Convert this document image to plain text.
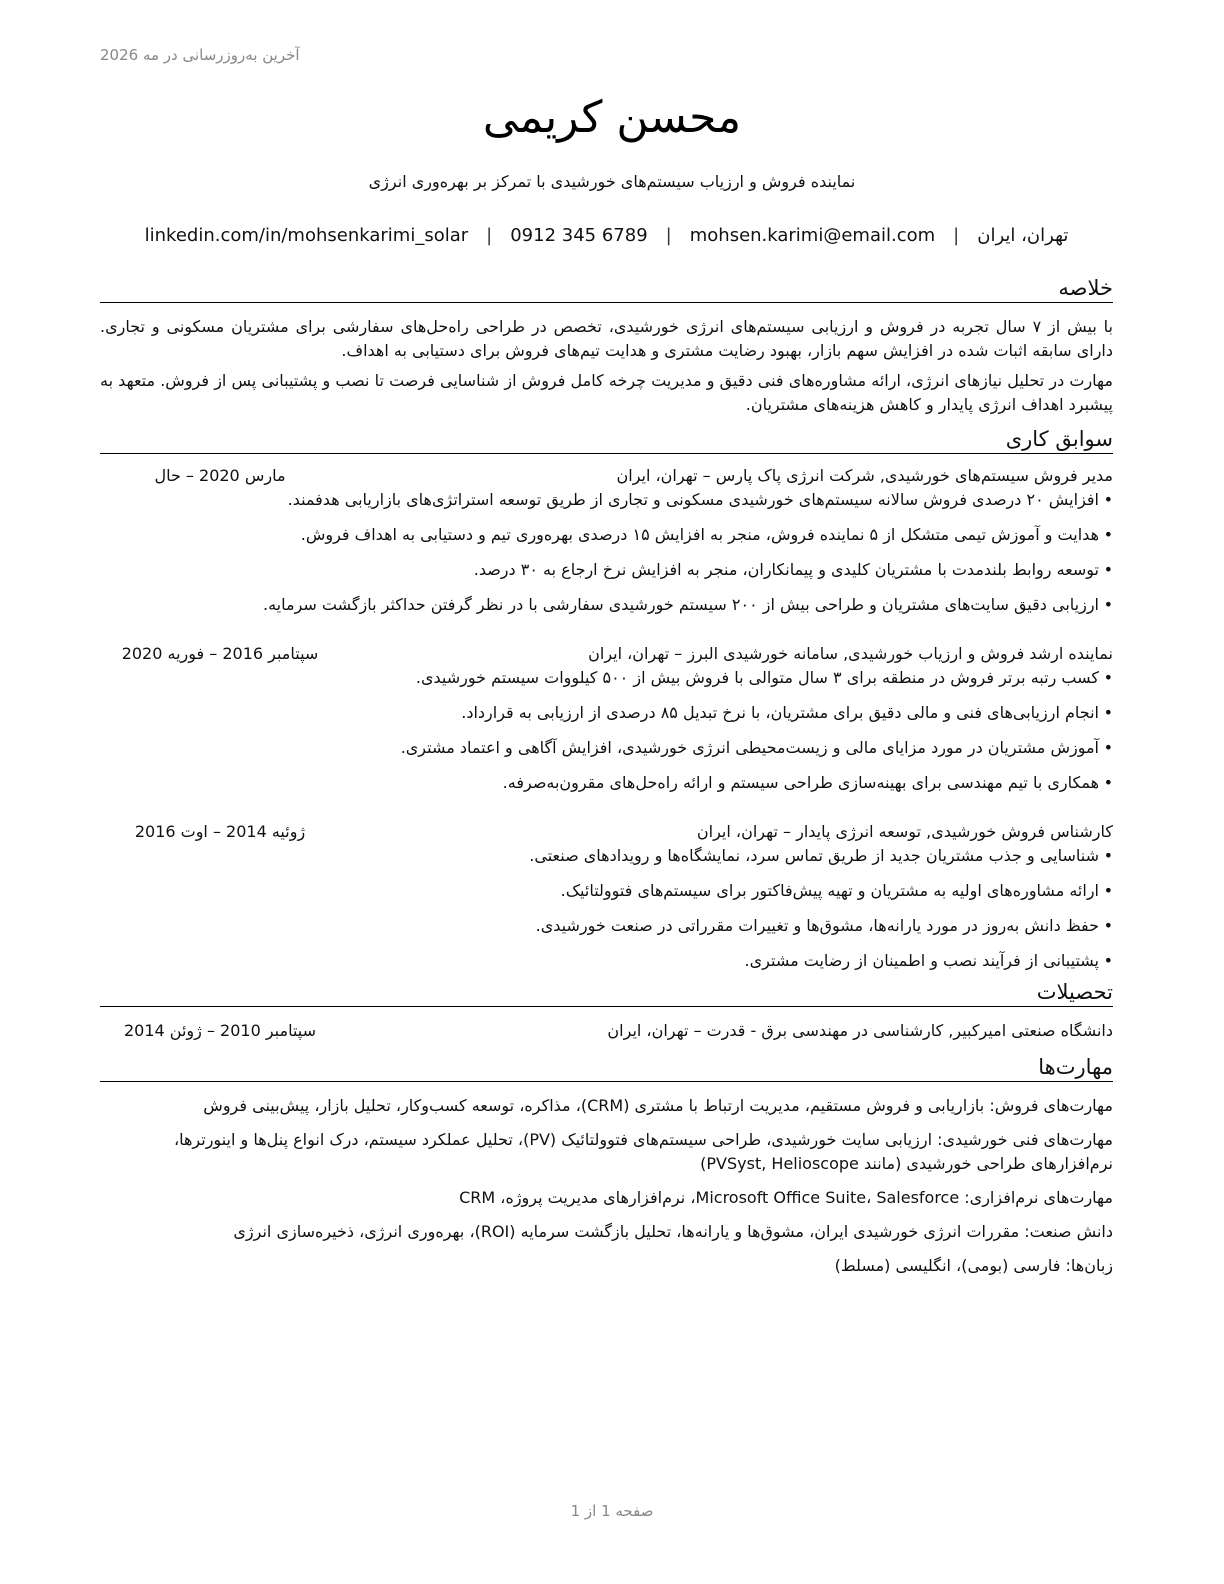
آخرین به‌روزرسانی در مه 2026
محسن کریمی
نماینده فروش و ارزیاب سیستم‌های خورشیدی با تمرکز بر بهره‌وری انرژی
تهران، ایران
|
mohsen.karimi@email.com
|
0912 345 6789
|
linkedin.com/in/mohsenkarimi_solar
خلاصه

با بیش از ۷ سال تجربه در فروش و ارزیابی سیستم‌های انرژی خورشیدی، تخصص در طراحی راه‌حل‌های سفارشی برای مشتریان مسکونی و تجاری. دارای سابقه اثبات شده در افزایش سهم بازار، بهبود رضایت مشتری و هدایت تیم‌های فروش برای دستیابی به اهداف.

مهارت در تحلیل نیازهای انرژی، ارائه مشاوره‌های فنی دقیق و مدیریت چرخه کامل فروش از شناسایی فرصت تا نصب و پشتیبانی پس از فروش. متعهد به پیشبرد اهداف انرژی پایدار و کاهش هزینه‌های مشتریان.

سوابق کاری
مدیر فروش سیستم‌های خورشیدی, شرکت انرژی پاک پارس – تهران، ایران
مارس 2020 – حال
•افزایش ۲۰ درصدی فروش سالانه سیستم‌های خورشیدی مسکونی و تجاری از طریق توسعه استراتژی‌های بازاریابی هدفمند.
•هدایت و آموزش تیمی متشکل از ۵ نماینده فروش، منجر به افزایش ۱۵ درصدی بهره‌وری تیم و دستیابی به اهداف فروش.
•توسعه روابط بلندمدت با مشتریان کلیدی و پیمانکاران، منجر به افزایش نرخ ارجاع به ۳۰ درصد.
•ارزیابی دقیق سایت‌های مشتریان و طراحی بیش از ۲۰۰ سیستم خورشیدی سفارشی با در نظر گرفتن حداکثر بازگشت سرمایه.
نماینده ارشد فروش و ارزیاب خورشیدی, سامانه خورشیدی البرز – تهران، ایران
سپتامبر 2016 – فوریه 2020
•کسب رتبه برتر فروش در منطقه برای ۳ سال متوالی با فروش بیش از ۵۰۰ کیلووات سیستم خورشیدی.
•انجام ارزیابی‌های فنی و مالی دقیق برای مشتریان، با نرخ تبدیل ۸۵ درصدی از ارزیابی به قرارداد.
•آموزش مشتریان در مورد مزایای مالی و زیست‌محیطی انرژی خورشیدی، افزایش آگاهی و اعتماد مشتری.
•همکاری با تیم مهندسی برای بهینه‌سازی طراحی سیستم و ارائه راه‌حل‌های مقرون‌به‌صرفه.
کارشناس فروش خورشیدی, توسعه انرژی پایدار – تهران، ایران
ژوئیه 2014 – اوت 2016
•شناسایی و جذب مشتریان جدید از طریق تماس سرد، نمایشگاه‌ها و رویدادهای صنعتی.
•ارائه مشاوره‌های اولیه به مشتریان و تهیه پیش‌فاکتور برای سیستم‌های فتوولتائیک.
•حفظ دانش به‌روز در مورد یارانه‌ها، مشوق‌ها و تغییرات مقرراتی در صنعت خورشیدی.
•پشتیبانی از فرآیند نصب و اطمینان از رضایت مشتری.
تحصیلات
دانشگاه صنعتی امیرکبیر, کارشناسی در مهندسی برق - قدرت – تهران، ایران
سپتامبر 2010 – ژوئن 2014
مهارت‌ها

مهارت‌های فروش: بازاریابی و فروش مستقیم، مدیریت ارتباط با مشتری (CRM)، مذاکره، توسعه کسب‌وکار، تحلیل بازار، پیش‌بینی فروش

مهارت‌های فنی خورشیدی: ارزیابی سایت خورشیدی، طراحی سیستم‌های فتوولتائیک (PV)، تحلیل عملکرد سیستم، درک انواع پنل‌ها و اینورترها، نرم‌افزارهای طراحی خورشیدی (مانند PVSyst, Helioscope)

مهارت‌های نرم‌افزاری: Microsoft Office Suite، Salesforce، نرم‌افزارهای مدیریت پروژه، CRM

دانش صنعت: مقررات انرژی خورشیدی ایران، مشوق‌ها و یارانه‌ها، تحلیل بازگشت سرمایه (ROI)، بهره‌وری انرژی، ذخیره‌سازی انرژی

زبان‌ها: فارسی (بومی)، انگلیسی (مسلط)

صفحه 1 از 1
